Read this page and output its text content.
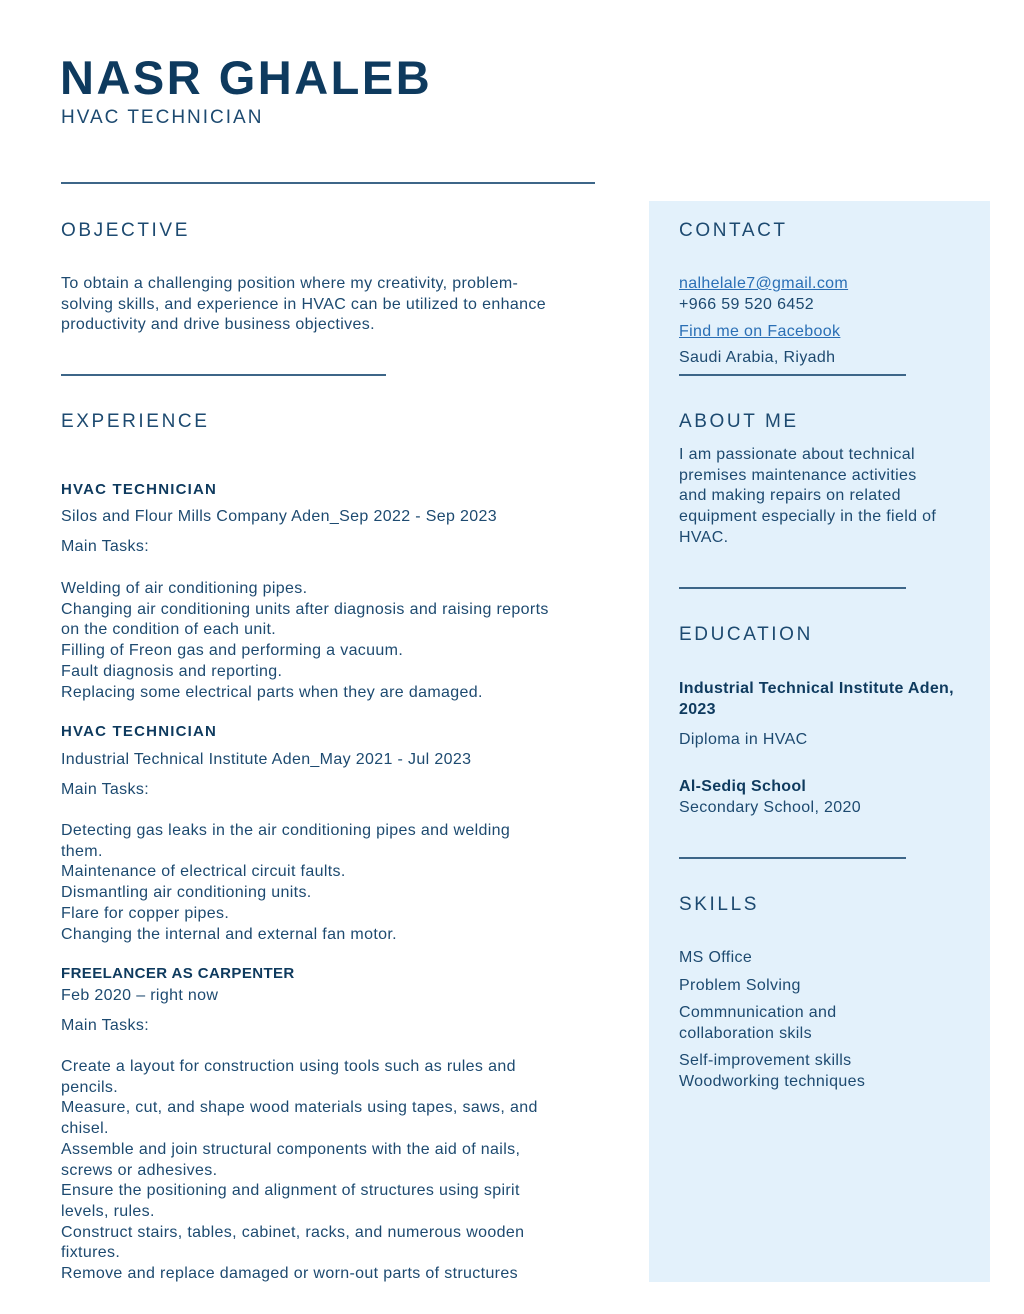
NASR GHALEB
HVAC TECHNICIAN
OBJECTIVE
To obtain a challenging position where my creativity, problem-
solving skills, and experience in HVAC can be utilized to enhance
productivity and drive business objectives.
EXPERIENCE
HVAC TECHNICIAN
Silos and Flour Mills Company Aden_Sep 2022 - Sep 2023
Main Tasks:
Welding of air conditioning pipes.
Changing air conditioning units after diagnosis and raising reports
on the condition of each unit.
Filling of Freon gas and performing a vacuum.
Fault diagnosis and reporting.
Replacing some electrical parts when they are damaged.
HVAC TECHNICIAN
Industrial Technical Institute Aden_May 2021 - Jul 2023
Main Tasks:
Detecting gas leaks in the air conditioning pipes and welding
them.
Maintenance of electrical circuit faults.
Dismantling air conditioning units.
Flare for copper pipes.
Changing the internal and external fan motor.
FREELANCER AS CARPENTER
Feb 2020 – right now
Main Tasks:
Create a layout for construction using tools such as rules and
pencils.
Measure, cut, and shape wood materials using tapes, saws, and
chisel.
Assemble and join structural components with the aid of nails,
screws or adhesives.
Ensure the positioning and alignment of structures using spirit
levels, rules.
Construct stairs, tables, cabinet, racks, and numerous wooden
fixtures.
Remove and replace damaged or worn-out parts of structures
CONTACT
nalhelale7@gmail.com
+966 59 520 6452
Find me on Facebook
Saudi Arabia, Riyadh
ABOUT ME
I am passionate about technical
premises maintenance activities
and making repairs on related
equipment especially in the field of
HVAC.
EDUCATION
Industrial Technical Institute Aden,
2023
Diploma in HVAC
Al-Sediq School
Secondary School, 2020
SKILLS
MS Office
Problem Solving
Commnunication and
collaboration skils
Self-improvement skills
Woodworking techniques
